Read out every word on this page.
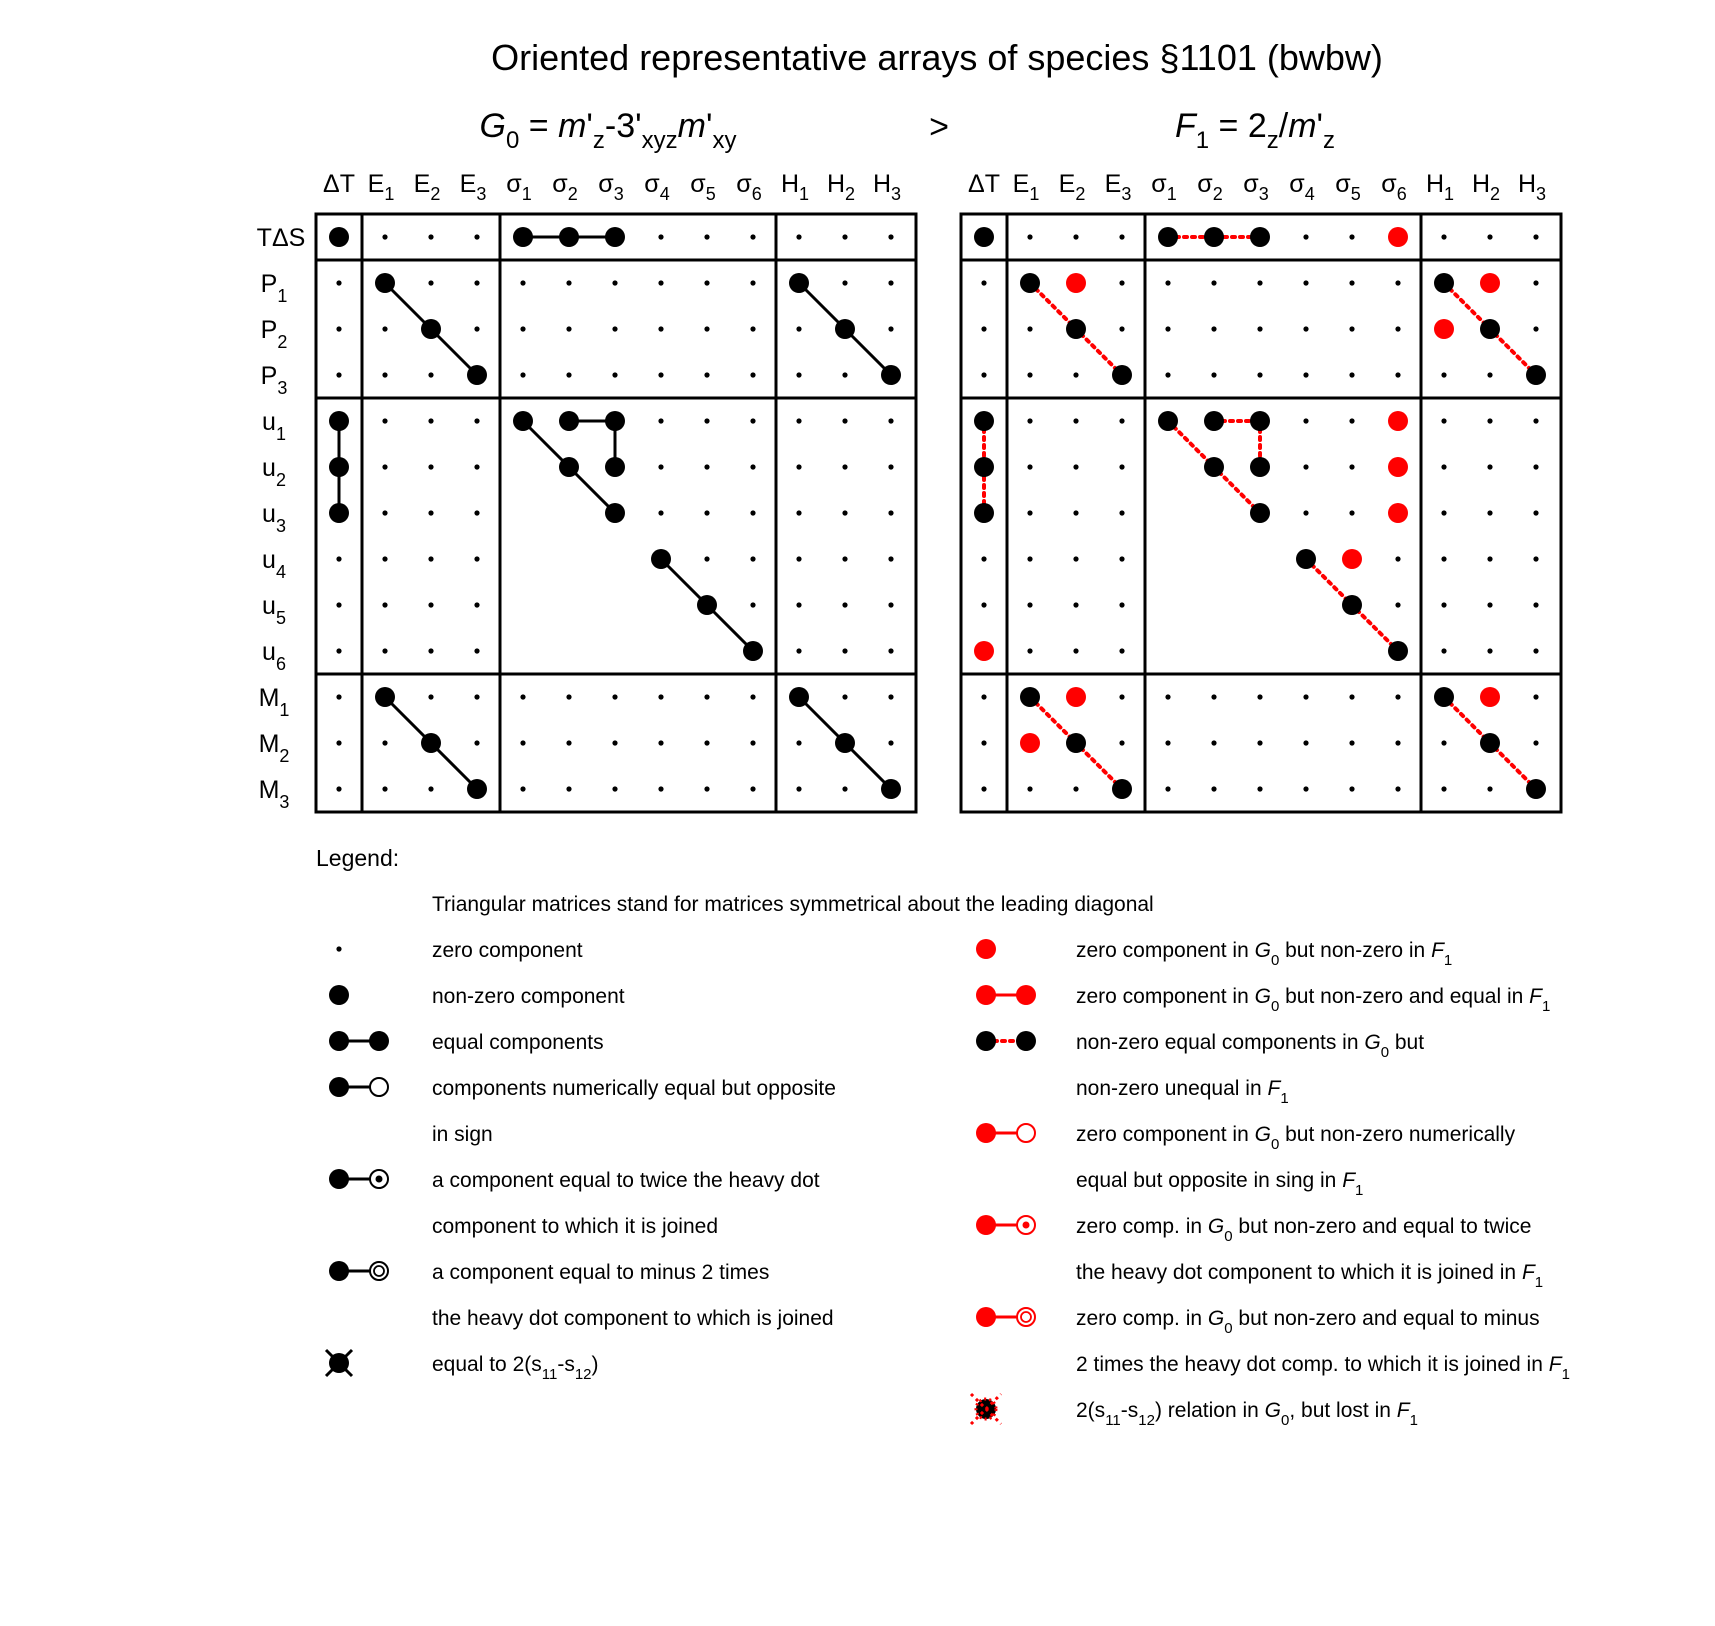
Oriented representative arrays of species §1101 (bwbw)
>
$G_0 = m'_z-3'_{xyz}m'_{xy}$	$F_1 = 2_z/m'_z$
ΔT $E_1$ $E_2$ $E_3$ $\sigma_1$ $\sigma_2$ $\sigma_3$ $\sigma_4$ $\sigma_5$ $\sigma_6$ $H_1$ $H_2$ $H_3$
TΔS
$P_1$
$P_2$
$P_3$
$u_1$
$u_2$
$u_3$
$u_4$
$u_5$
$u_6$
$M_1$
$M_2$
$M_3$
ΔT $E_1$ $E_2$ $E_3$ $\sigma_1$ $\sigma_2$ $\sigma_3$ $\sigma_4$ $\sigma_5$ $\sigma_6$ $H_1$ $H_2$ $H_3$
Legend:
Triangular matrices stand for matrices symmetrical about the leading diagonal
zero component
non-zero component
equal components
components numerically equal but opposite
in sign
a component equal to twice the heavy dot
component to which it is joined
a component equal to minus 2 times
the heavy dot component to which is joined
equal to $2(s_{11}-s_{12})$
zero component in $G_0$ but non-zero in $F_1$
zero component in $G_0$ but non-zero and equal in $F_1$
non-zero equal components in $G_0$ but
non-zero unequal in $F_1$
zero component in $G_0$ but non-zero numerically
equal but opposite in sing in $F_1$
zero comp. in $G_0$ but non-zero and equal to twice
the heavy dot component to which it is joined in $F_1$
zero comp. in $G_0$ but non-zero and equal to minus
2 times the heavy dot comp. to which it is joined in $F_1$
$2(s_{11}-s_{12})$ relation in $G_0$, but lost in $F_1$
